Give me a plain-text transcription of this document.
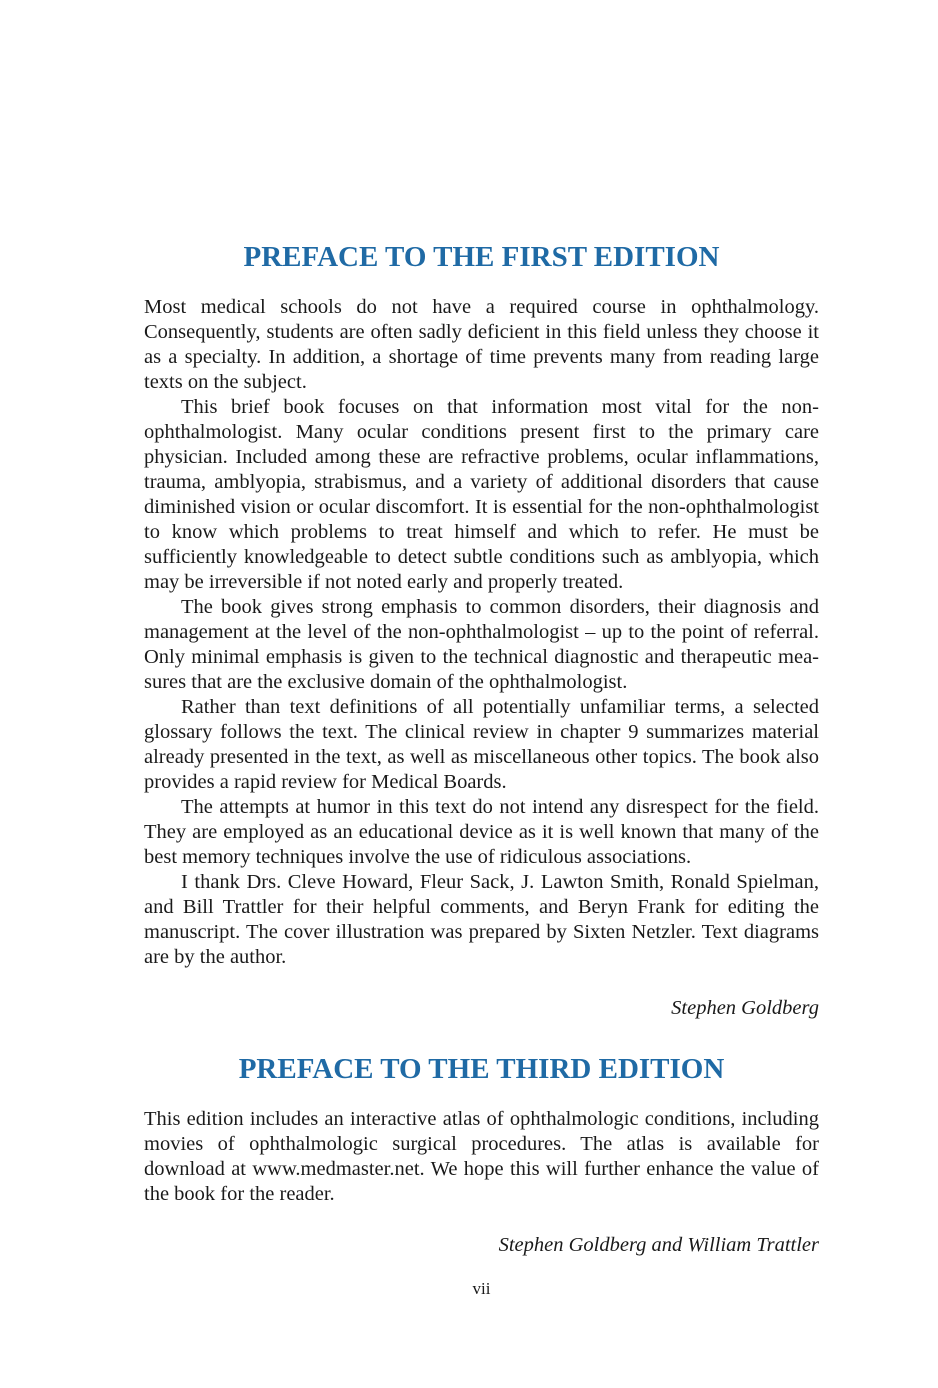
PREFACE TO THE FIRST EDITION

Most medical schools do not have a required course in ophthalmology. Consequently, students are often sadly deficient in this field unless they choose it as a specialty. In addition, a shortage of time prevents many from reading large texts on the subject.

This brief book focuses on that information most vital for the non-ophthalmologist. Many ocular conditions present first to the primary care physician. Included among these are refractive problems, ocular inflammations, trauma, amblyopia, strabismus, and a variety of additional disorders that cause diminished vision or ocular discomfort. It is essential for the non-ophthalmologist to know which problems to treat himself and which to refer. He must be sufficiently knowledgeable to detect subtle conditions such as amblyopia, which may be irreversible if not noted early and properly treated.

The book gives strong emphasis to common disorders, their diagnosis and management at the level of the non-ophthalmologist – up to the point of referral. Only minimal emphasis is given to the technical diagnostic and therapeutic measures that are the exclusive domain of the ophthalmologist.

Rather than text definitions of all potentially unfamiliar terms, a selected glossary follows the text. The clinical review in chapter 9 summarizes material already presented in the text, as well as miscellaneous other topics. The book also provides a rapid review for Medical Boards.

The attempts at humor in this text do not intend any disrespect for the field. They are employed as an educational device as it is well known that many of the best memory techniques involve the use of ridiculous associations.

I thank Drs. Cleve Howard, Fleur Sack, J. Lawton Smith, Ronald Spielman, and Bill Trattler for their helpful comments, and Beryn Frank for editing the manuscript. The cover illustration was prepared by Sixten Netzler. Text diagrams are by the author.

Stephen Goldberg
PREFACE TO THE THIRD EDITION

This edition includes an interactive atlas of ophthalmologic conditions, including movies of ophthalmologic surgical procedures. The atlas is available for download at www.medmaster.net. We hope this will further enhance the value of the book for the reader.

Stephen Goldberg and William Trattler
vii
